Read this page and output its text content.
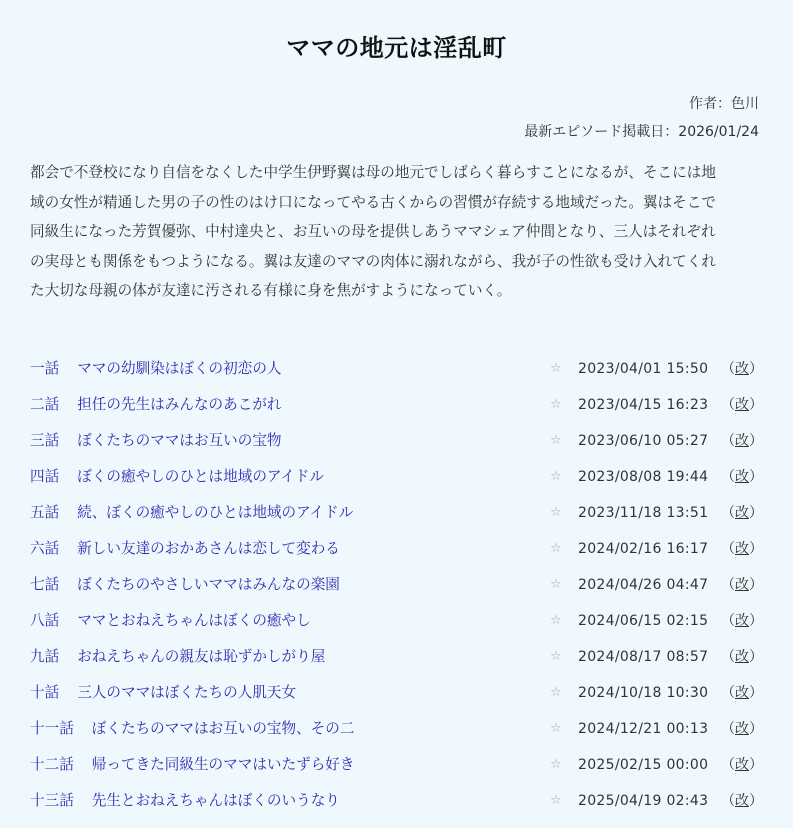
ママの地元は淫乱町
作者：色川
最新エピソード掲載日：2026/01/24
都会で不登校になり自信をなくした中学生伊野翼は母の地元でしばらく暮らすことになるが、そこには地
域の女性が精通した男の子の性のはけ口になってやる古くからの習慣が存続する地域だった。翼はそこで
同級生になった芳賀優弥、中村達央と、お互いの母を提供しあうママシェア仲間となり、三人はそれぞれ
の実母とも関係をもつようになる。翼は友達のママの肉体に溺れながら、我が子の性欲も受け入れてくれ
た大切な母親の体が友達に汚される有様に身を焦がすようになっていく。
一話 ママの幼馴染はぼくの初恋の人	☆ 2023/04/01 15:50 （改）
二話 担任の先生はみんなのあこがれ	☆ 2023/04/15 16:23 （改）
三話 ぼくたちのママはお互いの宝物	☆ 2023/06/10 05:27 （改）
四話 ぼくの癒やしのひとは地域のアイドル	☆ 2023/08/08 19:44 （改）
五話 続、ぼくの癒やしのひとは地域のアイドル	☆ 2023/11/18 13:51 （改）
六話 新しい友達のおかあさんは恋して変わる	☆ 2024/02/16 16:17 （改）
七話 ぼくたちのやさしいママはみんなの楽園	☆ 2024/04/26 04:47 （改）
八話 ママとおねえちゃんはぼくの癒やし	☆ 2024/06/15 02:15 （改）
九話 おねえちゃんの親友は恥ずかしがり屋	☆ 2024/08/17 08:57 （改）
十話 三人のママはぼくたちの人肌天女	☆ 2024/10/18 10:30 （改）
十一話 ぼくたちのママはお互いの宝物、その二	☆ 2024/12/21 00:13 （改）
十二話 帰ってきた同級生のママはいたずら好き	☆ 2025/02/15 00:00 （改）
十三話 先生とおねえちゃんはぼくのいうなり	☆ 2025/04/19 02:43 （改）
